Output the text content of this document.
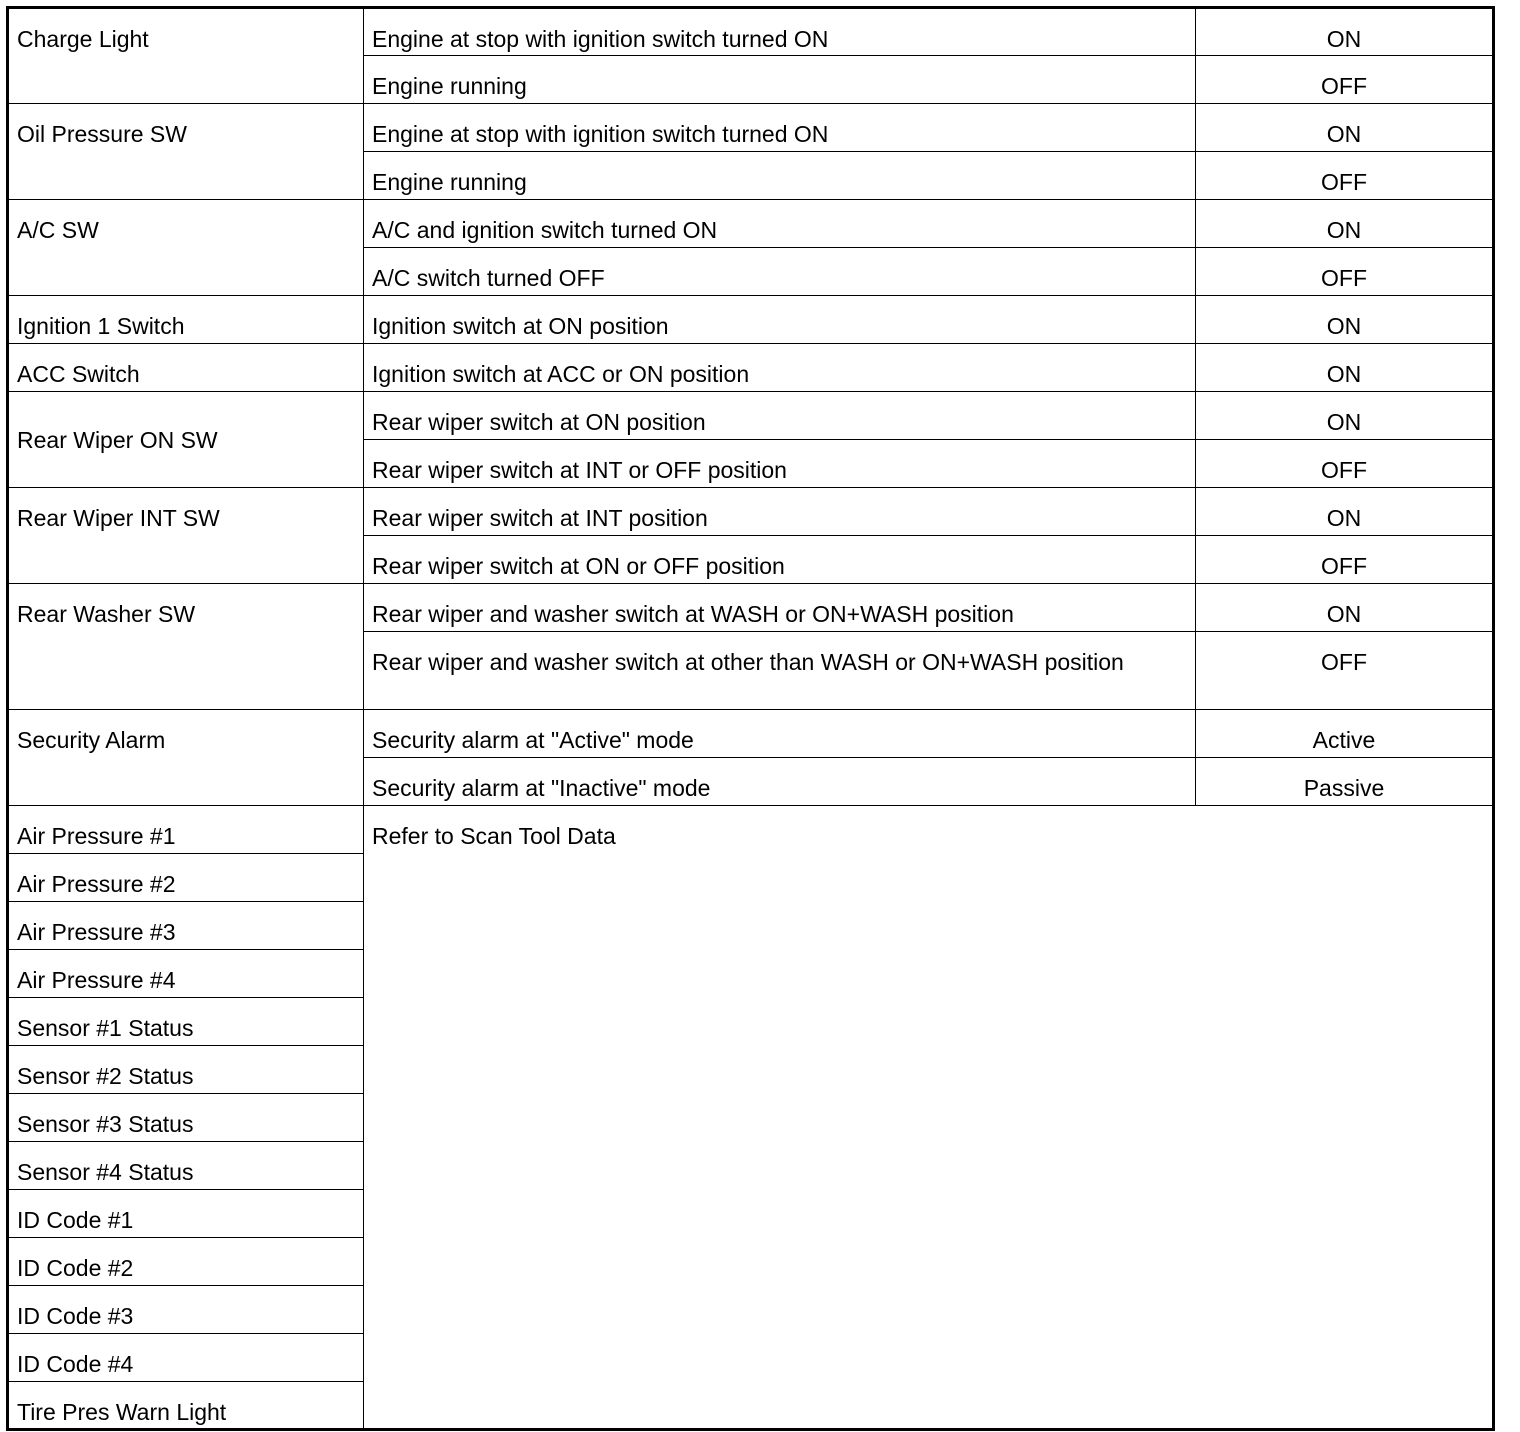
Charge Light	Engine at stop with ignition switch turned ON	ON
	Engine running	OFF
Oil Pressure SW	Engine at stop with ignition switch turned ON	ON
	Engine running	OFF
A/C SW	A/C and ignition switch turned ON	ON
	A/C switch turned OFF	OFF
Ignition 1 Switch	Ignition switch at ON position	ON
ACC Switch	Ignition switch at ACC or ON position	ON
Rear Wiper ON SW	Rear wiper switch at ON position	ON
	Rear wiper switch at INT or OFF position	OFF
Rear Wiper INT SW	Rear wiper switch at INT position	ON
	Rear wiper switch at ON or OFF position	OFF
Rear Washer SW	Rear wiper and washer switch at WASH or ON+WASH position	ON
	Rear wiper and washer switch at other than WASH or ON+WASH position	OFF
Security Alarm	Security alarm at "Active" mode	Active
	Security alarm at "Inactive" mode	Passive
Air Pressure #1	Refer to Scan Tool Data	
Air Pressure #2		
Air Pressure #3		
Air Pressure #4		
Sensor #1 Status		
Sensor #2 Status		
Sensor #3 Status		
Sensor #4 Status		
ID Code #1		
ID Code #2		
ID Code #3		
ID Code #4		
Tire Pres Warn Light		
